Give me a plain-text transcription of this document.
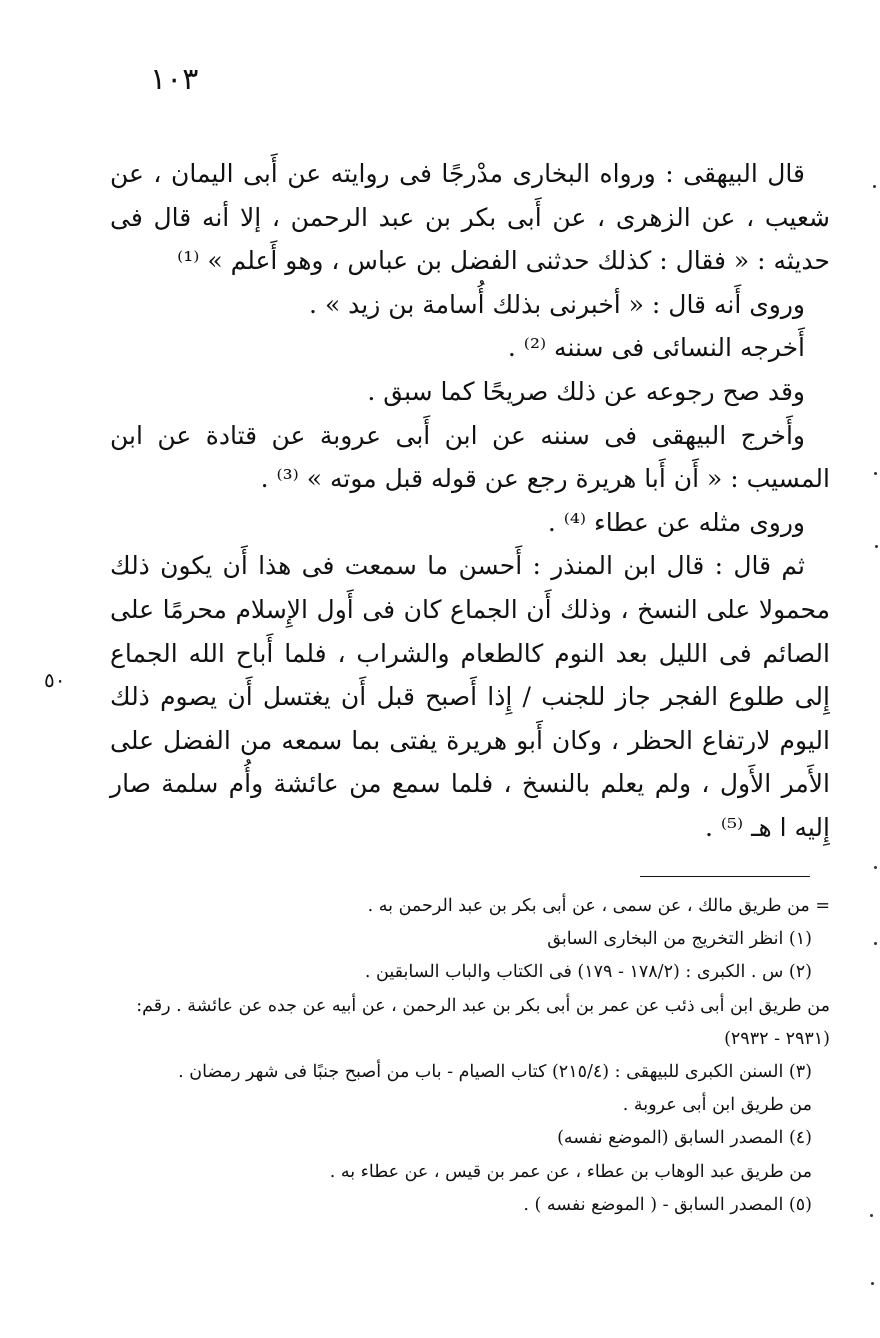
١٠٣

قال البيهقى : ورواه البخارى مدْرجًا فى روايته عن أَبى اليمان ، عن شعيب ، عن الزهرى ، عن أَبى بكر بن عبد الرحمن ، إلا أنه قال فى حديثه : « فقال : كذلك حدثنى الفضل بن عباس ، وهو أَعلم » ⁽¹⁾

وروى أَنه قال : « أخبرنى بذلك أُسامة بن زيد » .

أَخرجه النسائى فى سننه ⁽²⁾ .

وقد صح رجوعه عن ذلك صريحًا كما سبق .

وأَخرج البيهقى فى سننه عن ابن أَبى عروبة عن قتادة عن ابن المسيب : « أَن أَبا هريرة رجع عن قوله قبل موته » ⁽³⁾ .

وروى مثله عن عطاء ⁽⁴⁾ .

ثم قال : قال ابن المنذر : أَحسن ما سمعت فى هذا أَن يكون ذلك محمولا على النسخ ، وذلك أَن الجماع كان فى أَول الإِسلام محرمًا على الصائم فى الليل بعد النوم كالطعام والشراب ، فلما أَباح الله الجماع إِلى طلوع الفجر جاز للجنب / إِذا أَصبح قبل أَن يغتسل أَن يصوم ذلك اليوم لارتفاع الحظر ، وكان أَبو هريرة يفتى بما سمعه من الفضل على الأَمر الأَول ، ولم يعلم بالنسخ ، فلما سمع من عائشة وأُم سلمة صار إِليه ا هـ ⁽⁵⁾ .

٥٠

= من طريق مالك ، عن سمى ، عن أبى بكر بن عبد الرحمن به .

(١) انظر التخريج من البخارى السابق

(٢) س . الكبرى : (١٧٨/٢ - ١٧٩) فى الكتاب والباب السابقين .

من طريق ابن أبى ذئب عن عمر بن أبى بكر بن عبد الرحمن ، عن أبيه عن جده عن عائشة . رقم: (٢٩٣١ - ٢٩٣٢)

(٣) السنن الكبرى للبيهقى : (٢١٥/٤) كتاب الصيام - باب من أصبح جنبًا فى شهر رمضان .

من طريق ابن أبى عروبة .

(٤) المصدر السابق (الموضع نفسه)

من طريق عبد الوهاب بن عطاء ، عن عمر بن قيس ، عن عطاء به .

(٥) المصدر السابق - ( الموضع نفسه ) .
